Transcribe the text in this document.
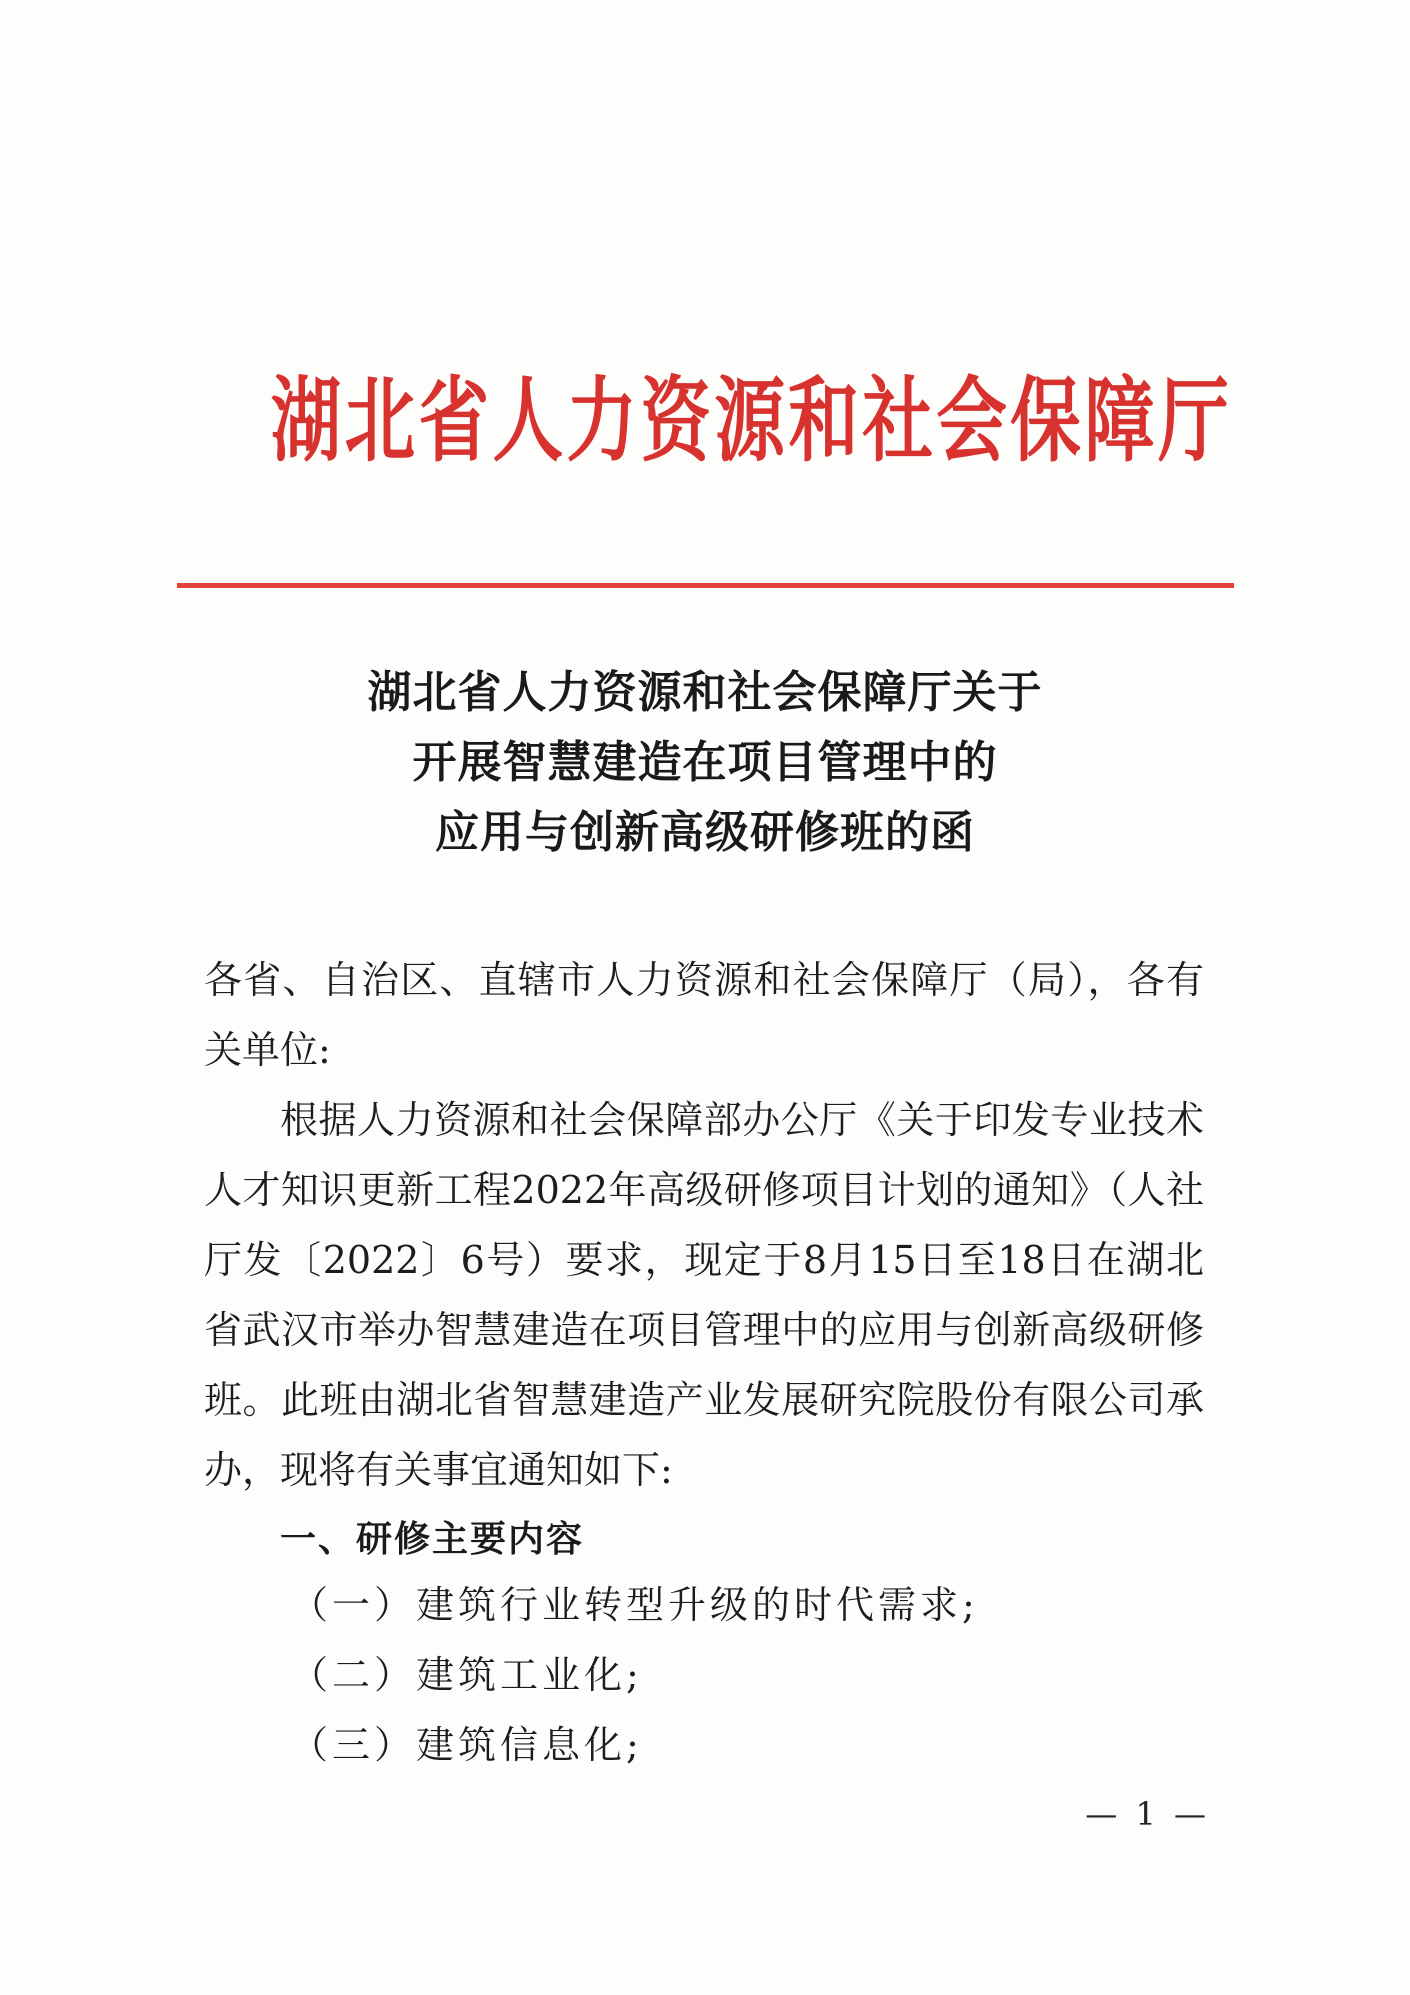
湖北省人力资源和社会保障厅
湖北省人力资源和社会保障厅关于
开展智慧建造在项目管理中的
应用与创新高级研修班的函
各省、自治区、直辖市人力资源和社会保障厅（局），各有关单位:
根据人力资源和社会保障部办公厅《关于印发专业技术人才知识更新工程2022年高级研修项目计划的通知》（人社厅发〔2022〕6号）要求，现定于8月15日至18日在湖北省武汉市举办智慧建造在项目管理中的应用与创新高级研修班。此班由湖北省智慧建造产业发展研究院股份有限公司承办，现将有关事宜通知如下:
一、研修主要内容
（一）建筑行业转型升级的时代需求;
（二）建筑工业化;
（三）建筑信息化;
— 1 —
